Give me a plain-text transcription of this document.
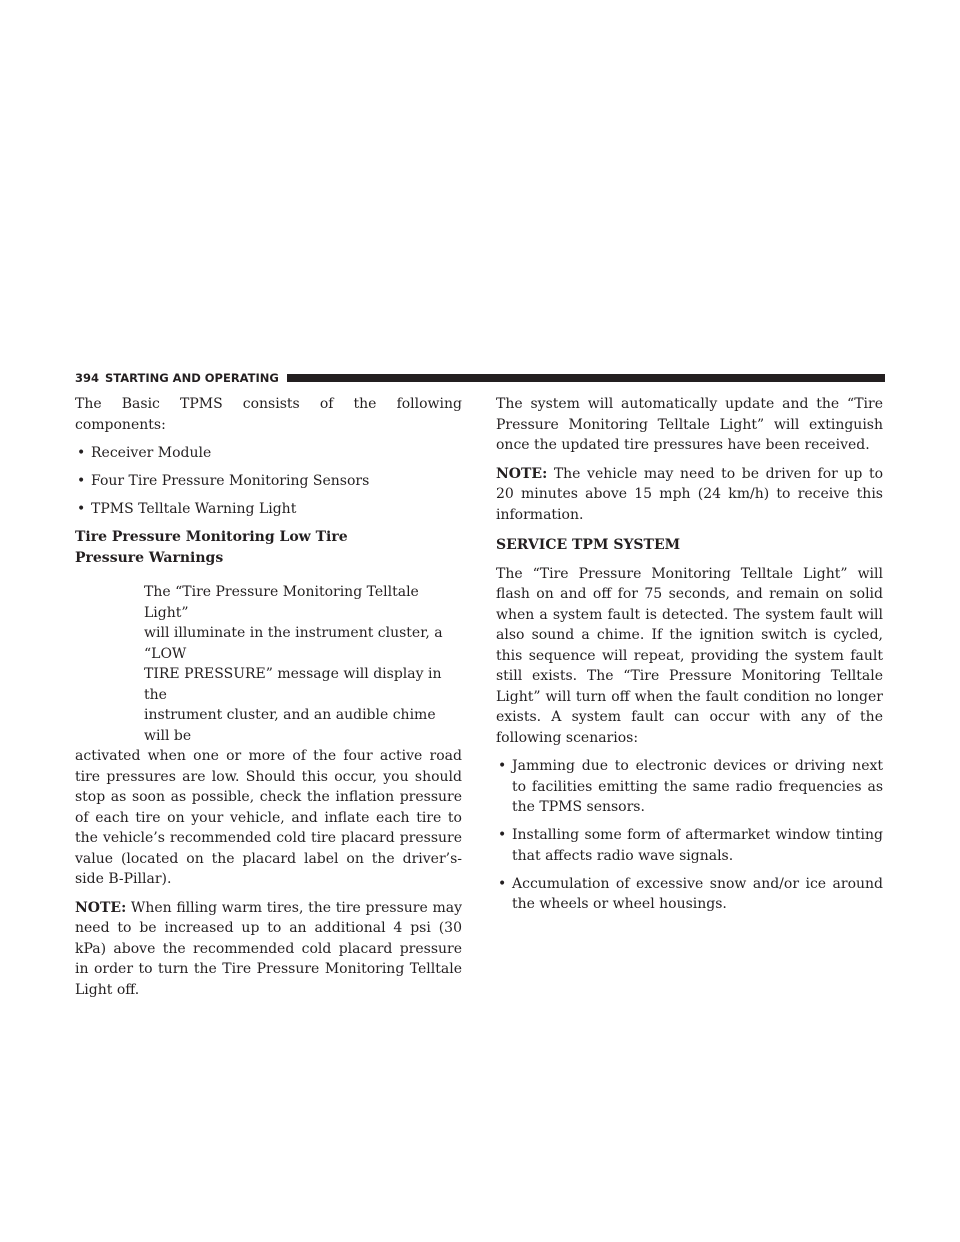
394 STARTING AND OPERATING

The Basic TPMS consists of the following components:

• Receiver Module
• Four Tire Pressure Monitoring Sensors
• TPMS Telltale Warning Light

Tire Pressure Monitoring Low Tire Pressure Warnings

The “Tire Pressure Monitoring Telltale Light”
will illuminate in the instrument cluster, a “LOW
TIRE PRESSURE” message will display in the
instrument cluster, and an audible chime will be

activated when one or more of the four active road tire pressures are low. Should this occur, you should stop as soon as possible, check the inflation pressure of each tire on your vehicle, and inflate each tire to the vehicle’s recommended cold tire placard pressure value (located on the placard label on the driver’s-side B-Pillar).

NOTE: When filling warm tires, the tire pressure may need to be increased up to an additional 4 psi (30 kPa) above the recommended cold placard pressure in order to turn the Tire Pressure Monitoring Telltale Light off.

The system will automatically update and the “Tire Pressure Monitoring Telltale Light” will extinguish once the updated tire pressures have been received.

NOTE: The vehicle may need to be driven for up to 20 minutes above 15 mph (24 km/h) to receive this information.

SERVICE TPM SYSTEM

The “Tire Pressure Monitoring Telltale Light” will flash on and off for 75 seconds, and remain on solid when a system fault is detected. The system fault will also sound a chime. If the ignition switch is cycled, this sequence will repeat, providing the system fault still exists. The “Tire Pressure Monitoring Telltale Light” will turn off when the fault condition no longer exists. A system fault can occur with any of the following scenarios:

• Jamming due to electronic devices or driving next to facilities emitting the same radio frequencies as the TPMS sensors.
• Installing some form of aftermarket window tinting that affects radio wave signals.
• Accumulation of excessive snow and/or ice around the wheels or wheel housings.
